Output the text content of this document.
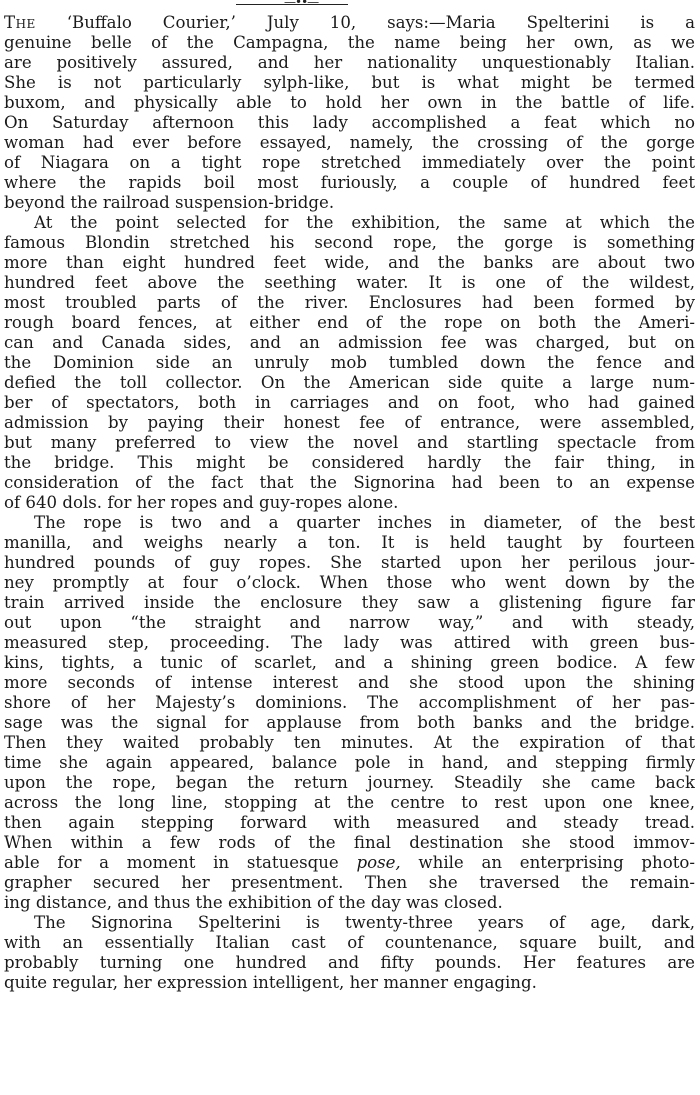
—••—
The ‘Buffalo Courier,’ July 10, says:—Maria Spelterini is a
genuine belle of the Campagna, the name being her own, as we
are positively assured, and her nationality unquestionably Italian.
She is not particularly sylph-like, but is what might be termed
buxom, and physically able to hold her own in the battle of life.
On Saturday afternoon this lady accomplished a feat which no
woman had ever before essayed, namely, the crossing of the gorge
of Niagara on a tight rope stretched immediately over the point
where the rapids boil most furiously, a couple of hundred feet
beyond the railroad suspension-bridge.
At the point selected for the exhibition, the same at which the
famous Blondin stretched his second rope, the gorge is something
more than eight hundred feet wide, and the banks are about two
hundred feet above the seething water. It is one of the wildest,
most troubled parts of the river. Enclosures had been formed by
rough board fences, at either end of the rope on both the Ameri-
can and Canada sides, and an admission fee was charged, but on
the Dominion side an unruly mob tumbled down the fence and
defied the toll collector. On the American side quite a large num-
ber of spectators, both in carriages and on foot, who had gained
admission by paying their honest fee of entrance, were assembled,
but many preferred to view the novel and startling spectacle from
the bridge. This might be considered hardly the fair thing, in
consideration of the fact that the Signorina had been to an expense
of 640 dols. for her ropes and guy-ropes alone.
The rope is two and a quarter inches in diameter, of the best
manilla, and weighs nearly a ton. It is held taught by fourteen
hundred pounds of guy ropes. She started upon her perilous jour-
ney promptly at four o’clock. When those who went down by the
train arrived inside the enclosure they saw a glistening figure far
out upon “the straight and narrow way,” and with steady,
measured step, proceeding. The lady was attired with green bus-
kins, tights, a tunic of scarlet, and a shining green bodice. A few
more seconds of intense interest and she stood upon the shining
shore of her Majesty’s dominions. The accomplishment of her pas-
sage was the signal for applause from both banks and the bridge.
Then they waited probably ten minutes. At the expiration of that
time she again appeared, balance pole in hand, and stepping firmly
upon the rope, began the return journey. Steadily she came back
across the long line, stopping at the centre to rest upon one knee,
then again stepping forward with measured and steady tread.
When within a few rods of the final destination she stood immov-
able for a moment in statuesque pose, while an enterprising photo-
grapher secured her presentment. Then she traversed the remain-
ing distance, and thus the exhibition of the day was closed.
The Signorina Spelterini is twenty-three years of age, dark,
with an essentially Italian cast of countenance, square built, and
probably turning one hundred and fifty pounds. Her features are
quite regular, her expression intelligent, her manner engaging.
